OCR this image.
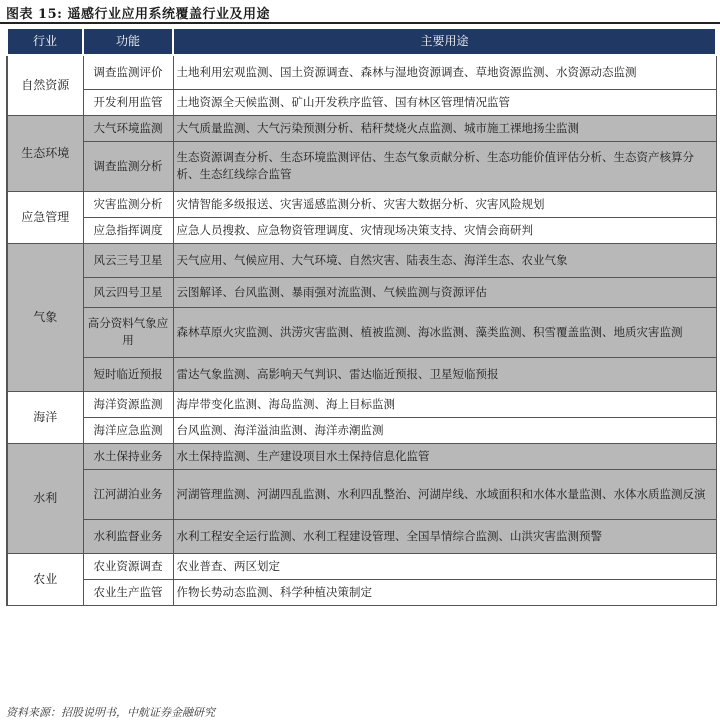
图表 15: 遥感行业应用系统覆盖行业及用途
行业	功能	主要用途
自然资源	调查监测评价	土地利用宏观监测、国土资源调查、森林与湿地资源调查、草地资源监测、水资源动态监测
	开发利用监管	土地资源全天候监测、矿山开发秩序监管、国有林区管理情况监管
生态环境	大气环境监测	大气质量监测、大气污染预测分析、秸秆焚烧火点监测、城市施工裸地扬尘监测
	调查监测分析	生态资源调查分析、生态环境监测评估、生态气象贡献分析、生态功能价值评估分析、生态资产核算分析、生态红线综合监管
应急管理	灾害监测分析	灾情智能多级报送、灾害遥感监测分析、灾害大数据分析、灾害风险规划
	应急指挥调度	应急人员搜救、应急物资管理调度、灾情现场决策支持、灾情会商研判
气象	风云三号卫星	天气应用、气候应用、大气环境、自然灾害、陆表生态、海洋生态、农业气象
	风云四号卫星	云图解译、台风监测、暴雨强对流监测、气候监测与资源评估
	高分资料气象应用	森林草原火灾监测、洪涝灾害监测、植被监测、海冰监测、藻类监测、积雪覆盖监测、地质灾害监测
	短时临近预报	雷达气象监测、高影响天气判识、雷达临近预报、卫星短临预报
海洋	海洋资源监测	海岸带变化监测、海岛监测、海上目标监测
	海洋应急监测	台风监测、海洋溢油监测、海洋赤潮监测
水利	水土保持业务	水土保持监测、生产建设项目水土保持信息化监管
	江河湖泊业务	河湖管理监测、河湖四乱监测、水利四乱整治、河湖岸线、水域面积和水体水量监测、水体水质监测反演
	水利监督业务	水利工程安全运行监测、水利工程建设管理、全国旱情综合监测、山洪灾害监测预警
农业	农业资源调查	农业普查、两区划定
	农业生产监管	作物长势动态监测、科学种植决策制定
资料来源：招股说明书，中航证券金融研究
